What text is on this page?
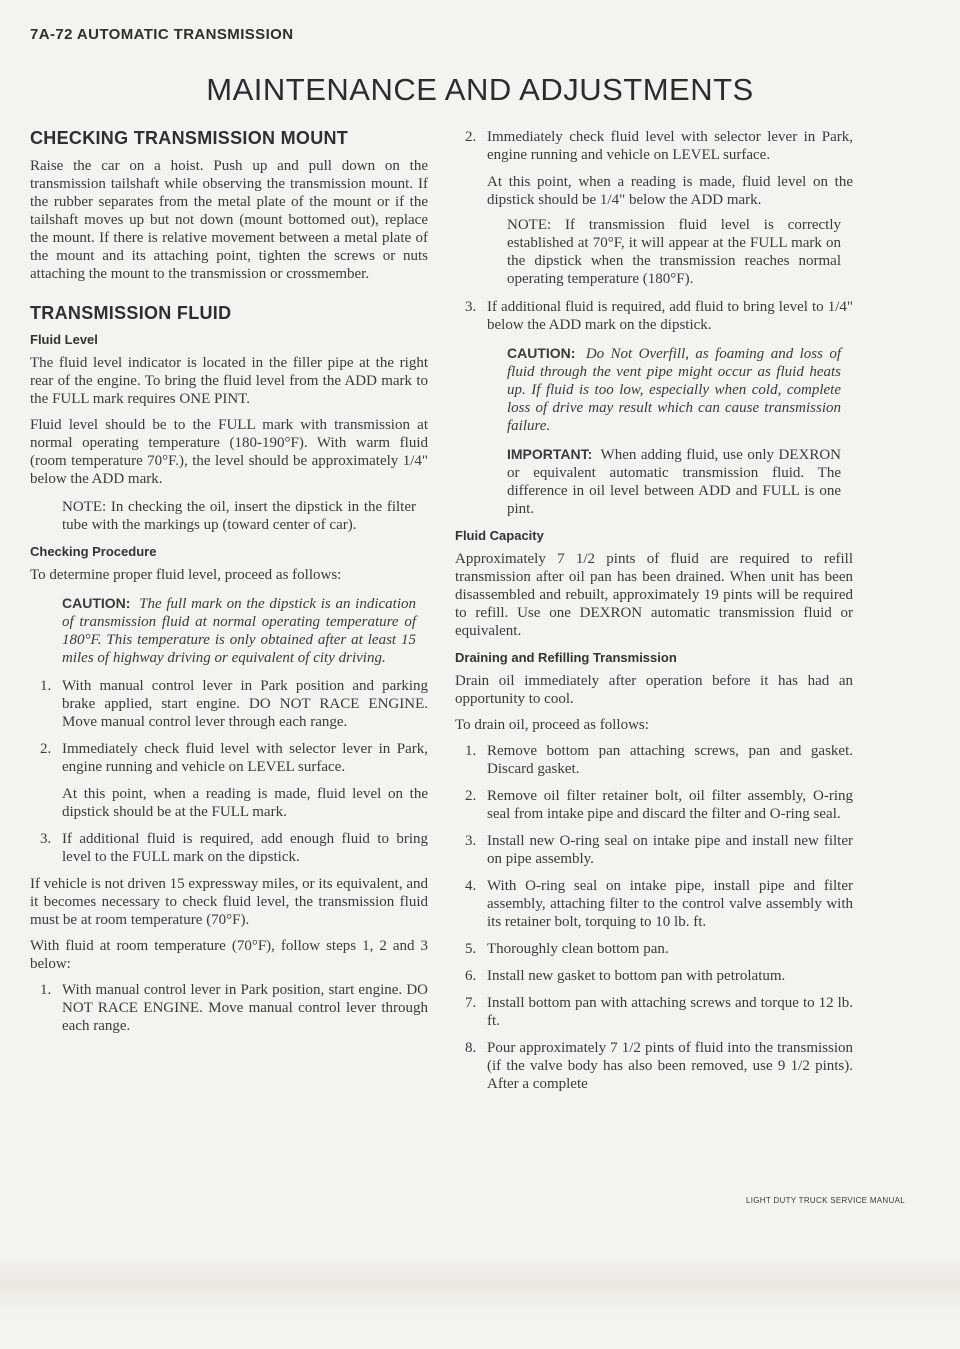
7A-72 AUTOMATIC TRANSMISSION
MAINTENANCE AND ADJUSTMENTS
CHECKING TRANSMISSION MOUNT

Raise the car on a hoist. Push up and pull down on the transmission tailshaft while observing the transmission mount. If the rubber separates from the metal plate of the mount or if the tailshaft moves up but not down (mount bottomed out), replace the mount. If there is relative movement between a metal plate of the mount and its attaching point, tighten the screws or nuts attaching the mount to the transmission or crossmember.

TRANSMISSION FLUID
Fluid Level

The fluid level indicator is located in the filler pipe at the right rear of the engine. To bring the fluid level from the ADD mark to the FULL mark requires ONE PINT.

Fluid level should be to the FULL mark with transmission at normal operating temperature (180-190°F). With warm fluid (room temperature 70°F.), the level should be approximately 1/4" below the ADD mark.

NOTE: In checking the oil, insert the dipstick in the filter tube with the markings up (toward center of car).
Checking Procedure

To determine proper fluid level, proceed as follows:

CAUTION: The full mark on the dipstick is an indication of transmission fluid at normal operating temperature of 180°F. This temperature is only obtained after at least 15 miles of highway driving or equivalent of city driving.
1. With manual control lever in Park position and parking brake applied, start engine. DO NOT RACE ENGINE. Move manual control lever through each range.
2. Immediately check fluid level with selector lever in Park, engine running and vehicle on LEVEL surface.
At this point, when a reading is made, fluid level on the dipstick should be at the FULL mark.
3. If additional fluid is required, add enough fluid to bring level to the FULL mark on the dipstick.

If vehicle is not driven 15 expressway miles, or its equivalent, and it becomes necessary to check fluid level, the transmission fluid must be at room temperature (70°F).

With fluid at room temperature (70°F), follow steps 1, 2 and 3 below:

1. With manual control lever in Park position, start engine. DO NOT RACE ENGINE. Move manual control lever through each range.
2. Immediately check fluid level with selector lever in Park, engine running and vehicle on LEVEL surface.
At this point, when a reading is made, fluid level on the dipstick should be 1/4" below the ADD mark.
NOTE: If transmission fluid level is correctly established at 70°F, it will appear at the FULL mark on the dipstick when the transmission reaches normal operating temperature (180°F).
3. If additional fluid is required, add fluid to bring level to 1/4" below the ADD mark on the dipstick.
CAUTION: Do Not Overfill, as foaming and loss of fluid through the vent pipe might occur as fluid heats up. If fluid is too low, especially when cold, complete loss of drive may result which can cause transmission failure.
IMPORTANT: When adding fluid, use only DEXRON or equivalent automatic transmission fluid. The difference in oil level between ADD and FULL is one pint.
Fluid Capacity

Approximately 7 1/2 pints of fluid are required to refill transmission after oil pan has been drained. When unit has been disassembled and rebuilt, approximately 19 pints will be required to refill. Use one DEXRON automatic transmission fluid or equivalent.

Draining and Refilling Transmission

Drain oil immediately after operation before it has had an opportunity to cool.

To drain oil, proceed as follows:

1. Remove bottom pan attaching screws, pan and gasket. Discard gasket.
2. Remove oil filter retainer bolt, oil filter assembly, O-ring seal from intake pipe and discard the filter and O-ring seal.
3. Install new O-ring seal on intake pipe and install new filter on pipe assembly.
4. With O-ring seal on intake pipe, install pipe and filter assembly, attaching filter to the control valve assembly with its retainer bolt, torquing to 10 lb. ft.
5. Thoroughly clean bottom pan.
6. Install new gasket to bottom pan with petrolatum.
7. Install bottom pan with attaching screws and torque to 12 lb. ft.
8. Pour approximately 7 1/2 pints of fluid into the transmission (if the valve body has also been removed, use 9 1/2 pints). After a complete
LIGHT DUTY TRUCK SERVICE MANUAL
